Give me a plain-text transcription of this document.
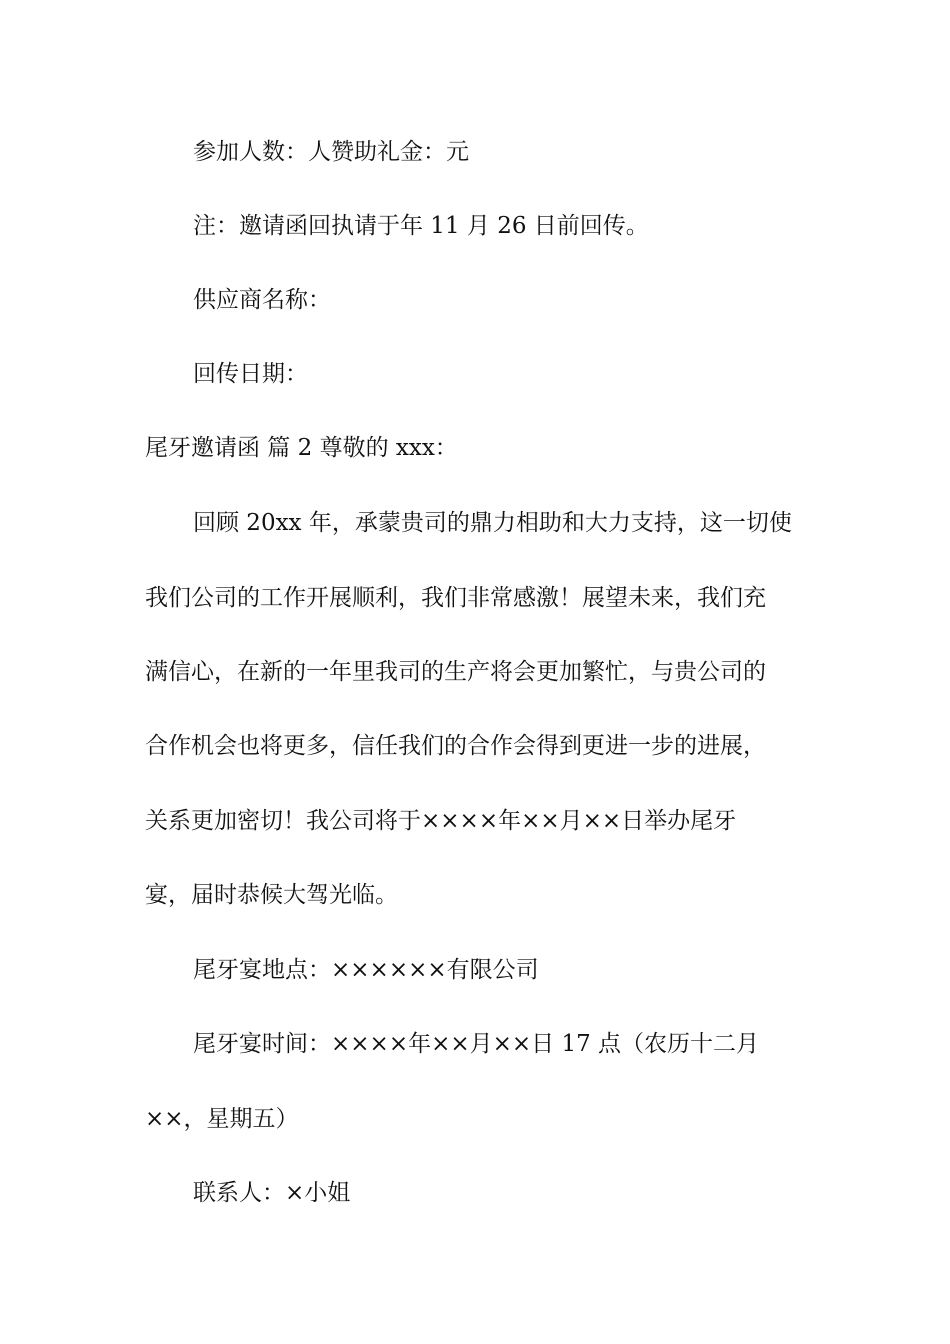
参加人数：人赞助礼金：元
注：邀请函回执请于年 11 月 26 日前回传。
供应商名称：
回传日期：
尾牙邀请函 篇 2 尊敬的 xxx：
回顾 20xx 年，承蒙贵司的鼎力相助和大力支持，这一切使
我们公司的工作开展顺利，我们非常感激！展望未来，我们充
满信心，在新的一年里我司的生产将会更加繁忙，与贵公司的
合作机会也将更多，信任我们的合作会得到更进一步的进展，
关系更加密切！我公司将于××××年××月××日举办尾牙
宴，届时恭候大驾光临。
尾牙宴地点：××××××有限公司
尾牙宴时间：××××年××月××日 17 点（农历十二月
××，星期五）
联系人：×小姐
